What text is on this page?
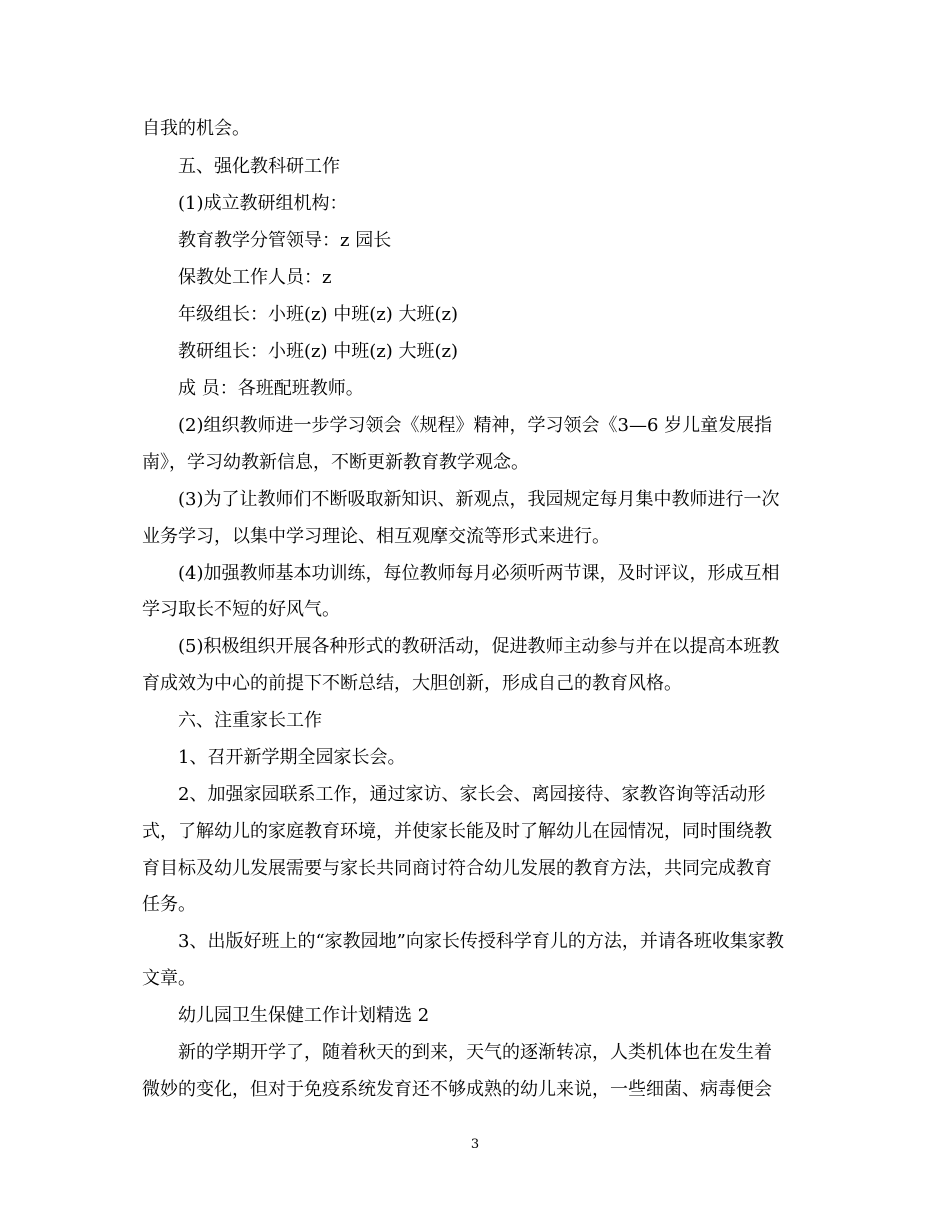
自我的机会。
五、强化教科研工作
(1)成立教研组机构：
教育教学分管领导：z 园长
保教处工作人员：z
年级组长：小班(z) 中班(z) 大班(z)
教研组长：小班(z) 中班(z) 大班(z)
成 员：各班配班教师。
(2)组织教师进一步学习领会《规程》精神，学习领会《3—6 岁儿童发展指
南》，学习幼教新信息，不断更新教育教学观念。
(3)为了让教师们不断吸取新知识、新观点，我园规定每月集中教师进行一次
业务学习，以集中学习理论、相互观摩交流等形式来进行。
(4)加强教师基本功训练，每位教师每月必须听两节课，及时评议，形成互相
学习取长不短的好风气。
(5)积极组织开展各种形式的教研活动，促进教师主动参与并在以提高本班教
育成效为中心的前提下不断总结，大胆创新，形成自己的教育风格。
六、注重家长工作
1、召开新学期全园家长会。
2、加强家园联系工作，通过家访、家长会、离园接待、家教咨询等活动形
式，了解幼儿的家庭教育环境，并使家长能及时了解幼儿在园情况，同时围绕教
育目标及幼儿发展需要与家长共同商讨符合幼儿发展的教育方法，共同完成教育
任务。
3、出版好班上的“家教园地”向家长传授科学育儿的方法，并请各班收集家教
文章。
幼儿园卫生保健工作计划精选 2
新的学期开学了，随着秋天的到来，天气的逐渐转凉，人类机体也在发生着
微妙的变化，但对于免疫系统发育还不够成熟的幼儿来说，一些细菌、病毒便会
3
